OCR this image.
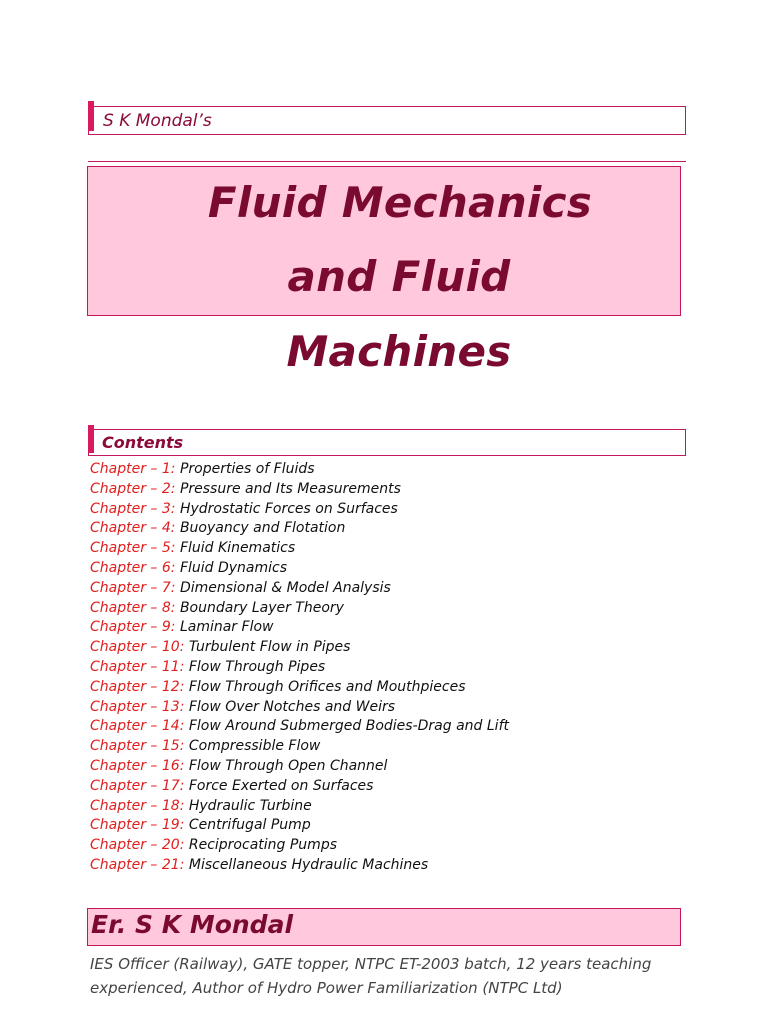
S K Mondal’s
Fluid Mechanics
and Fluid
Machines
Contents
Chapter – 1: Properties of Fluids
Chapter – 2: Pressure and Its Measurements
Chapter – 3: Hydrostatic Forces on Surfaces
Chapter – 4: Buoyancy and Flotation
Chapter – 5: Fluid Kinematics
Chapter – 6: Fluid Dynamics
Chapter – 7: Dimensional & Model Analysis
Chapter – 8: Boundary Layer Theory
Chapter – 9: Laminar Flow
Chapter – 10: Turbulent Flow in Pipes
Chapter – 11: Flow Through Pipes
Chapter – 12: Flow Through Orifices and Mouthpieces
Chapter – 13: Flow Over Notches and Weirs
Chapter – 14: Flow Around Submerged Bodies-Drag and Lift
Chapter – 15: Compressible Flow
Chapter – 16: Flow Through Open Channel
Chapter – 17: Force Exerted on Surfaces
Chapter – 18: Hydraulic Turbine
Chapter – 19: Centrifugal Pump
Chapter – 20: Reciprocating Pumps
Chapter – 21: Miscellaneous Hydraulic Machines
Er. S K Mondal
IES Officer (Railway), GATE topper, NTPC ET-2003 batch, 12 years teaching experienced, Author of Hydro Power Familiarization (NTPC Ltd)
